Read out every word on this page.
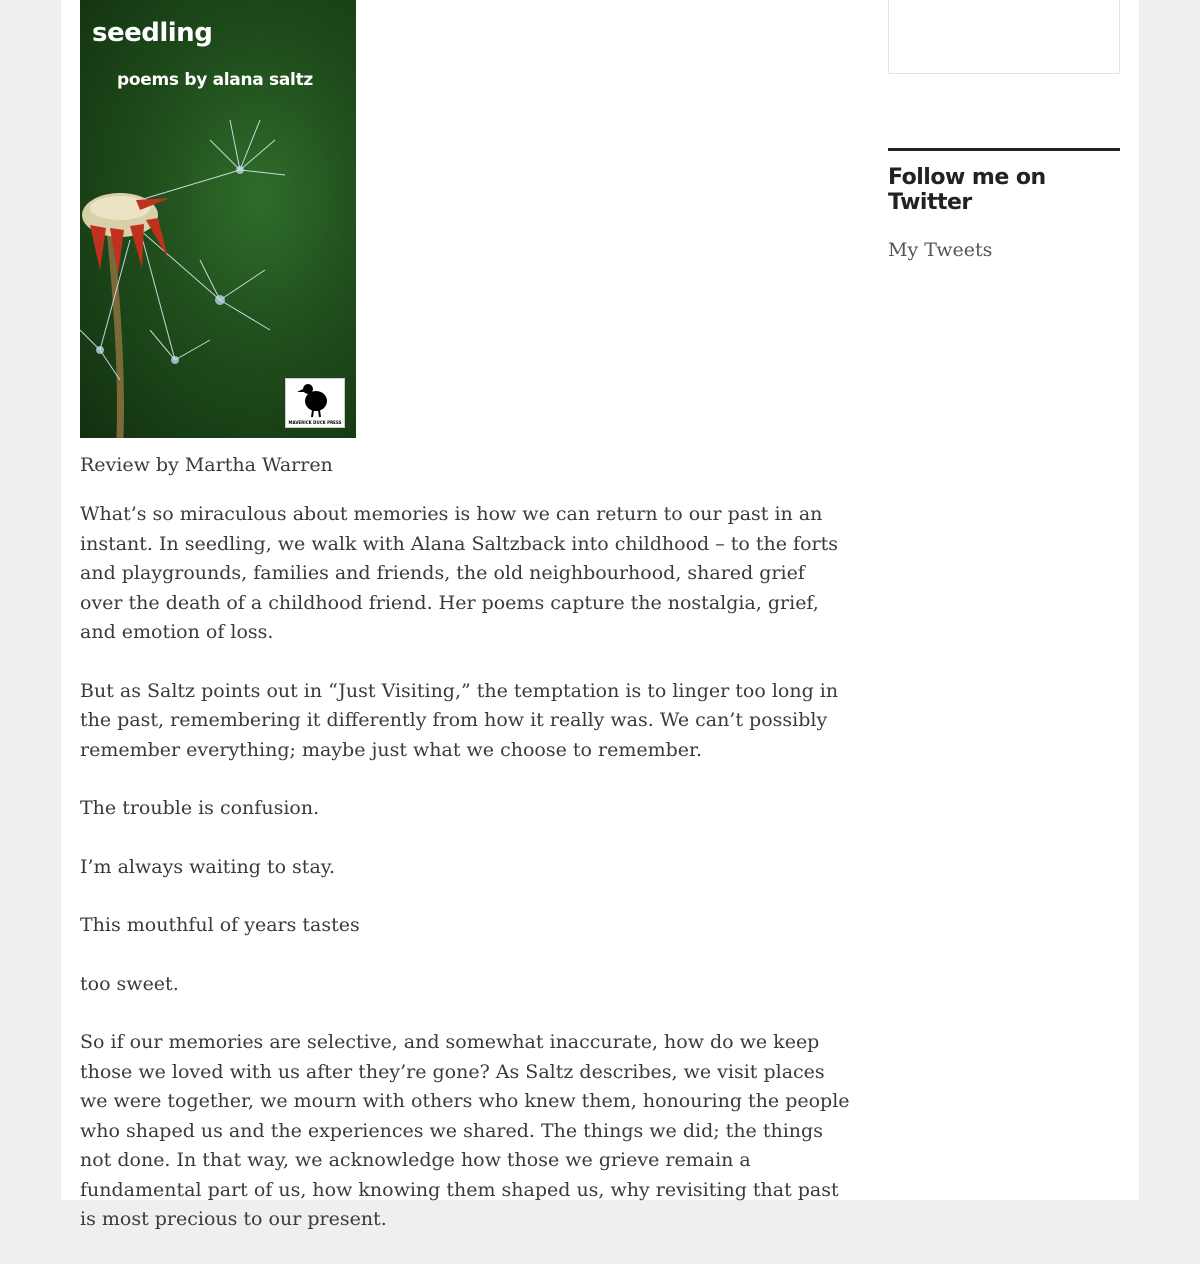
seedling
poems by alana saltz
MAVERICK DUCK PRESS
Review by Martha Warren

What’s so miraculous about memories is how we can return to our past in an instant. In seedling, we walk with Alana Saltzback into childhood – to the forts and playgrounds, families and friends, the old neighbourhood, shared grief over the death of a childhood friend. Her poems capture the nostalgia, grief, and emotion of loss.

But as Saltz points out in “Just Visiting,” the temptation is to linger too long in the past, remembering it differently from how it really was. We can’t possibly remember everything; maybe just what we choose to remember.

The trouble is confusion.

I’m always waiting to stay.

This mouthful of years tastes

too sweet.

So if our memories are selective, and somewhat inaccurate, how do we keep those we loved with us after they’re gone? As Saltz describes, we visit places we were together, we mourn with others who knew them, honouring the people who shaped us and the experiences we shared. The things we did; the things not done. In that way, we acknowledge how those we grieve remain a fundamental part of us, how knowing them shaped us, why revisiting that past is most precious to our present.

Follow me on Twitter
My Tweets
